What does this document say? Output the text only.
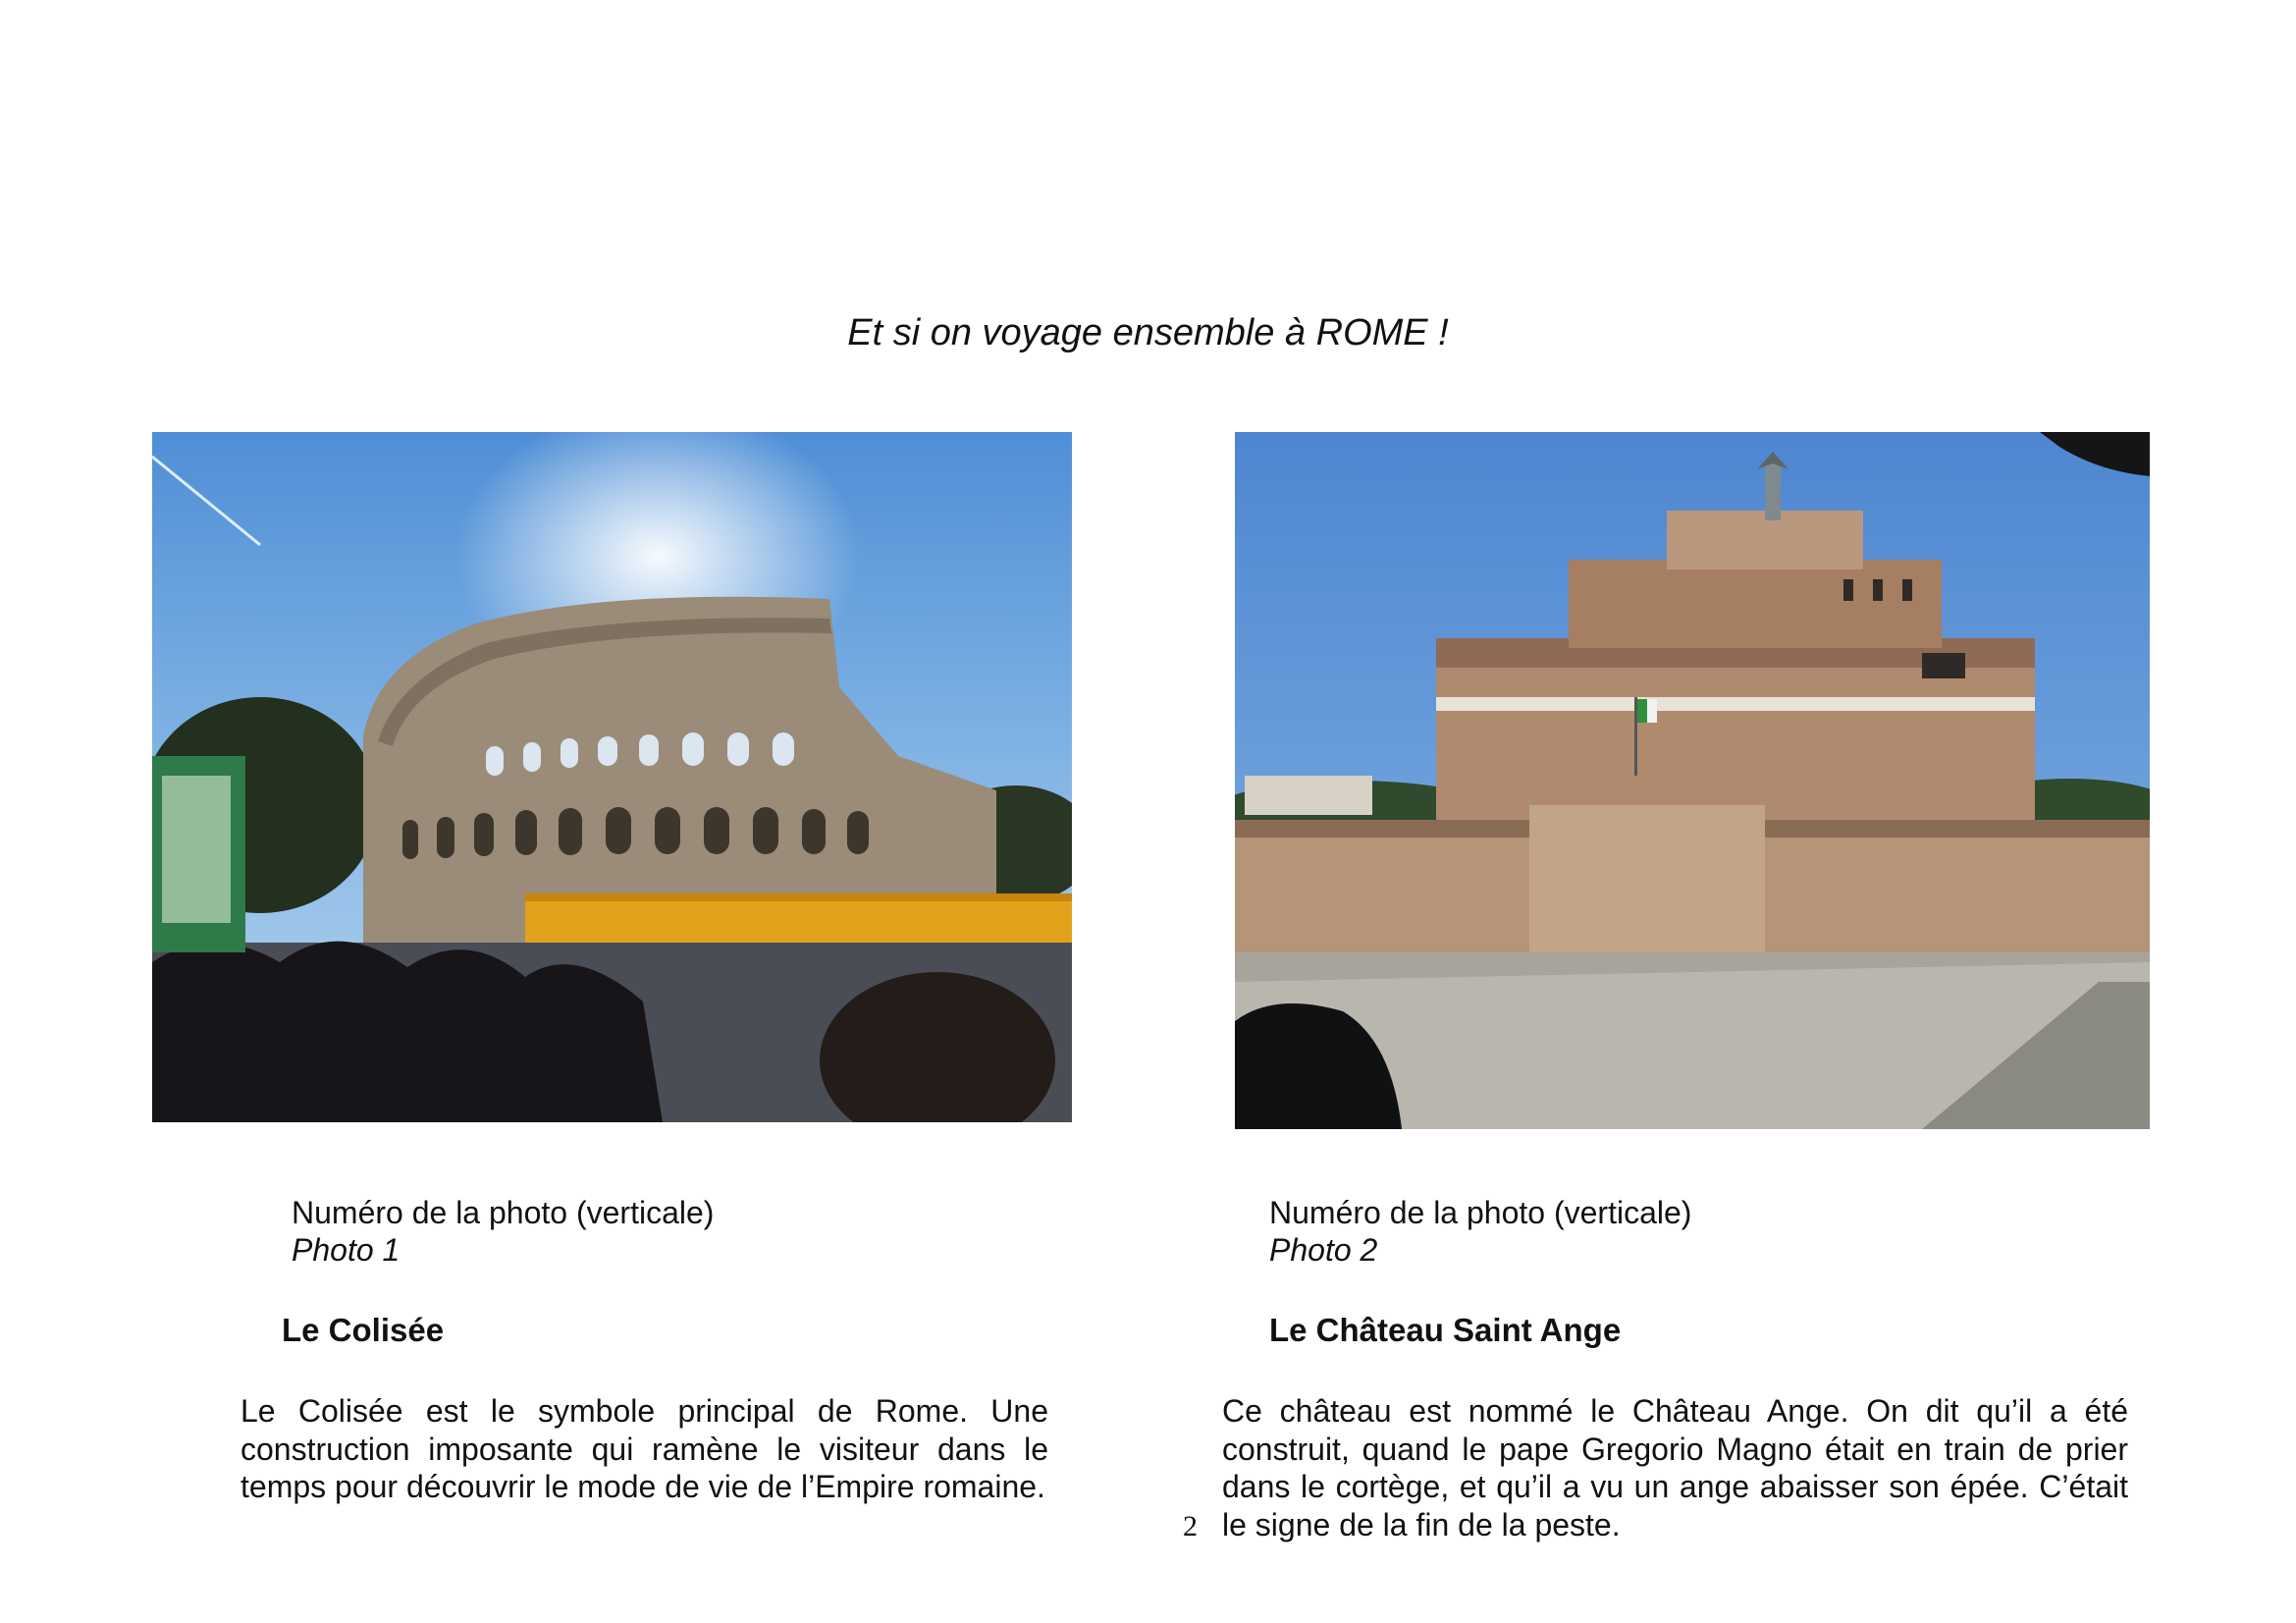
Et si on voyage ensemble à ROME !
Numéro de la photo (verticale)
Photo 1
Le Colisée
Le Colisée est le symbole principal de Rome. Une construction imposante qui ramène le visiteur dans le temps pour découvrir le mode de vie de l’Empire romaine.
Numéro de la photo (verticale)
Photo 2
Le Château Saint Ange
Ce château est nommé le Château Ange. On dit qu’il a été construit, quand le pape Gregorio Magno était en train de prier dans le cortège, et qu’il a vu un ange abaisser son épée. C’était le signe de la fin de la peste.
2
